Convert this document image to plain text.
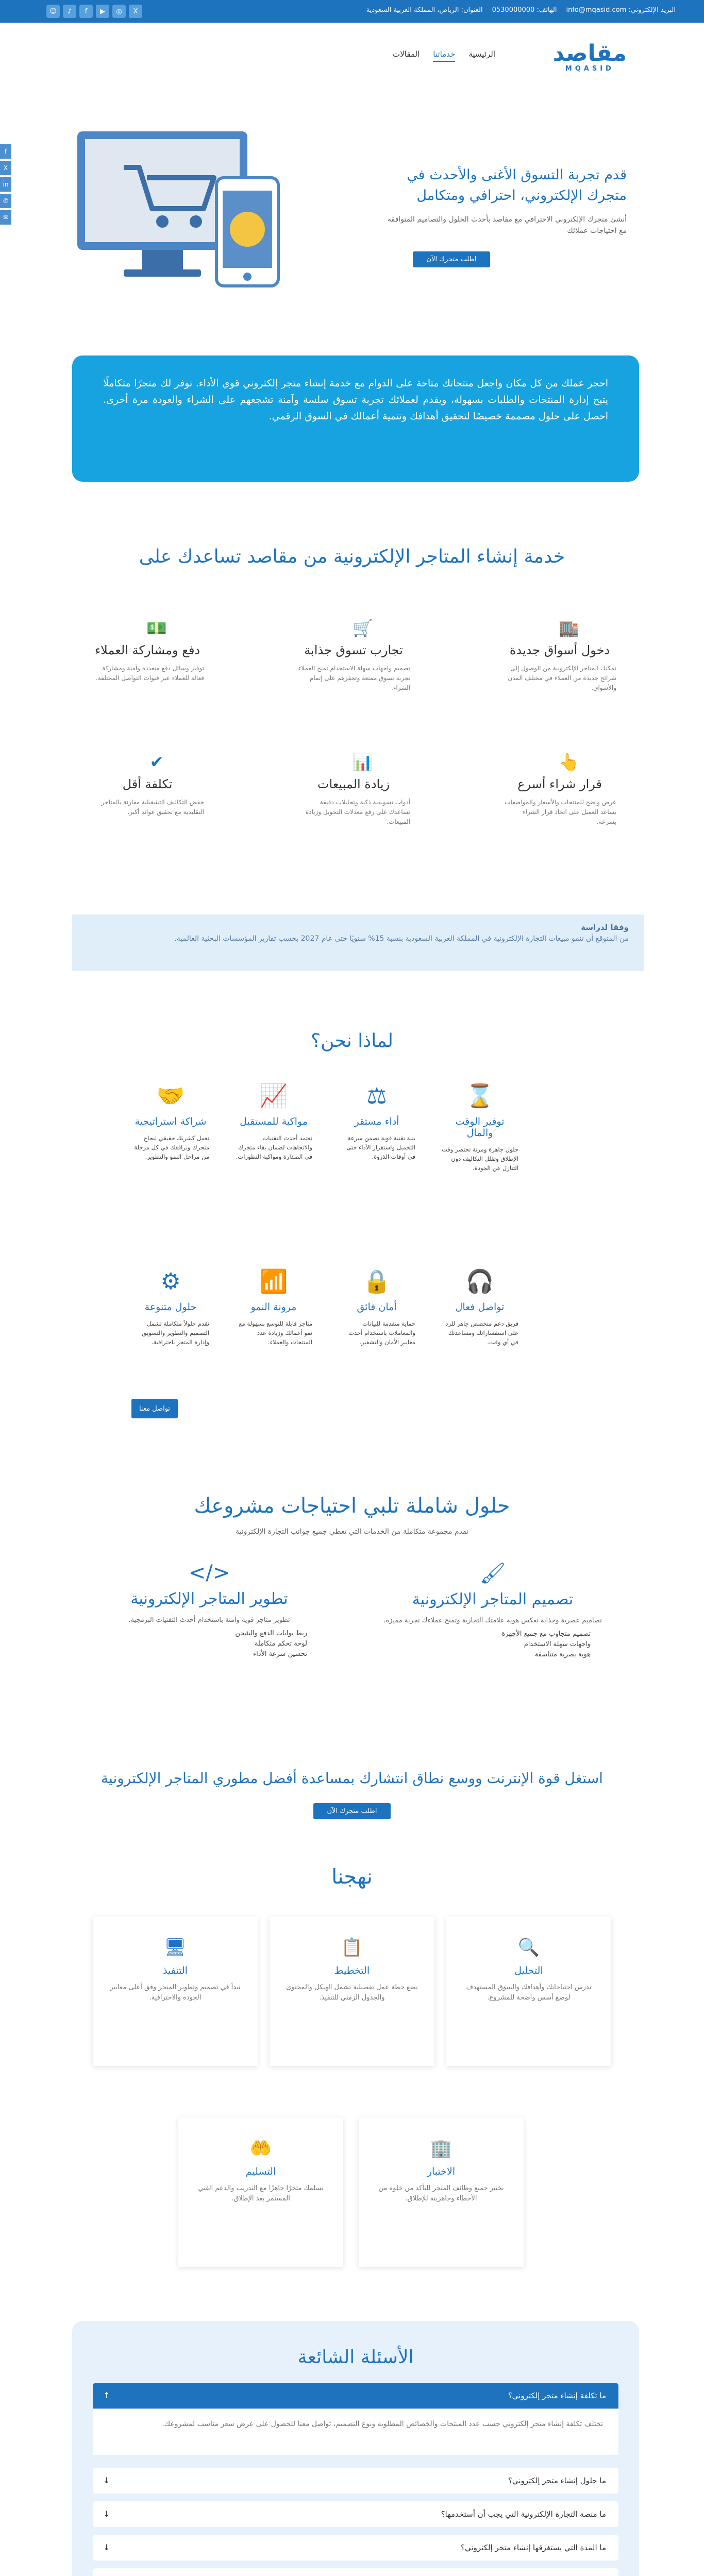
البريد الإلكتروني: info@mqasid.com
الهاتف: 0530000000
العنوان: الرياض، المملكة العربية السعودية
X
◎
▶
f
♪
☺
مقاصد
MQASID
الرئيسية
خدماتنا
المقالات
f
X
in
✆
✉
قدم تجربة التسوق الأغنى والأحدث في متجرك الإلكتروني، احترافي ومتكامل

أنشئ متجرك الإلكتروني الاحترافي مع مقاصد بأحدث الحلول والتصاميم المتوافقة مع احتياجات عملائك

اطلب متجرك الآن
احجز عملك من كل مكان واجعل منتجاتك متاحة على الدوام مع خدمة إنشاء متجر إلكتروني قوي الأداء. نوفر لك متجرًا متكاملًا يتيح إدارة المنتجات والطلبات بسهولة، ويقدم لعملائك تجربة تسوق سلسة وآمنة تشجعهم على الشراء والعودة مرة أخرى. احصل على حلول مصممة خصيصًا لتحقيق أهدافك وتنمية أعمالك في السوق الرقمي.
خدمة إنشاء المتاجر الإلكترونية من مقاصد تساعدك على
🏬
دخول أسواق جديدة

تمكنك المتاجر الإلكترونية من الوصول إلى شرائح جديدة من العملاء في مختلف المدن والأسواق.

🛒
تجارب تسوق جذابة

تصميم واجهات سهلة الاستخدام تمنح العملاء تجربة تسوق ممتعة وتحفزهم على إتمام الشراء.

💵
دفع ومشاركة العملاء

توفير وسائل دفع متعددة وآمنة ومشاركة فعالة للعملاء عبر قنوات التواصل المختلفة.

👆
قرار شراء أسرع

عرض واضح للمنتجات والأسعار والمواصفات يساعد العميل على اتخاذ قرار الشراء بسرعة.

📊
زيادة المبيعات

أدوات تسويقية ذكية وتحليلات دقيقة تساعدك على رفع معدلات التحويل وزيادة المبيعات.

✔
تكلفة أقل

خفض التكاليف التشغيلية مقارنة بالمتاجر التقليدية مع تحقيق عوائد أكبر.

وفقا لدراسة
من المتوقع أن تنمو مبيعات التجارة الإلكترونية في المملكة العربية السعودية بنسبة 15% سنويًا حتى عام 2027 بحسب تقارير المؤسسات البحثية العالمية.
لماذا نحن؟
🤝
شراكة استراتيجية

نعمل كشريك حقيقي لنجاح متجرك ونرافقك في كل مرحلة من مراحل النمو والتطوير.

📈
مواكبة للمستقبل

نعتمد أحدث التقنيات والاتجاهات لضمان بقاء متجرك في الصدارة ومواكبة التطورات.

⚖
أداء مستقر

بنية تقنية قوية تضمن سرعة التحميل واستقرار الأداء حتى في أوقات الذروة.

⌛
توفير الوقت والمال

حلول جاهزة ومرنة تختصر وقت الإطلاق وتقلل التكاليف دون التنازل عن الجودة.

⚙
حلول متنوعة

نقدم حلولاً متكاملة تشمل التصميم والتطوير والتسويق وإدارة المتجر باحترافية.

📶
مرونة النمو

متاجر قابلة للتوسع بسهولة مع نمو أعمالك وزيادة عدد المنتجات والعملاء.

🔒
أمان فائق

حماية متقدمة للبيانات والمعاملات باستخدام أحدث معايير الأمان والتشفير.

🎧
تواصل فعال

فريق دعم متخصص جاهز للرد على استفساراتك ومساعدتك في أي وقت.

تواصل معنا
حلول شاملة تلبي احتياجات مشروعك
نقدم مجموعة متكاملة من الخدمات التي تغطي جميع جوانب التجارة الإلكترونية
🖌
تصميم المتاجر الإلكترونية

تصاميم عصرية وجذابة تعكس هوية علامتك التجارية وتمنح عملاءك تجربة مميزة.

تصميم متجاوب مع جميع الأجهزة
واجهات سهلة الاستخدام
هوية بصرية متناسقة
</>
تطوير المتاجر الإلكترونية

تطوير متاجر قوية وآمنة باستخدام أحدث التقنيات البرمجية.

ربط بوابات الدفع والشحن
لوحة تحكم متكاملة
تحسين سرعة الأداء
استغل قوة الإنترنت ووسع نطاق انتشارك بمساعدة أفضل مطوري المتاجر الإلكترونية
اطلب متجرك الآن
نهجنا
🔍
التحليل

ندرس احتياجاتك وأهدافك والسوق المستهدف لوضع أسس واضحة للمشروع.

📋
التخطيط

نضع خطة عمل تفصيلية تشمل الهيكل والمحتوى والجدول الزمني للتنفيذ.

🖥
التنفيذ

نبدأ في تصميم وتطوير المتجر وفق أعلى معايير الجودة والاحترافية.

🏢
الاختبار

نختبر جميع وظائف المتجر للتأكد من خلوه من الأخطاء وجاهزيته للإطلاق.

🤲
التسليم

نسلمك متجرًا جاهزًا مع التدريب والدعم الفني المستمر بعد الإطلاق.

الأسئلة الشائعة
ما تكلفة إنشاء متجر إلكتروني؟
↑
تختلف تكلفة إنشاء متجر إلكتروني حسب عدد المنتجات والخصائص المطلوبة ونوع التصميم، تواصل معنا للحصول على عرض سعر مناسب لمشروعك.
ما حلول إنشاء متجر إلكتروني؟
↓
ما منصة التجارة الإلكترونية التي يجب أن أستخدمها؟
↓
ما المدة التي يستغرقها إنشاء متجر إلكتروني؟
↓
